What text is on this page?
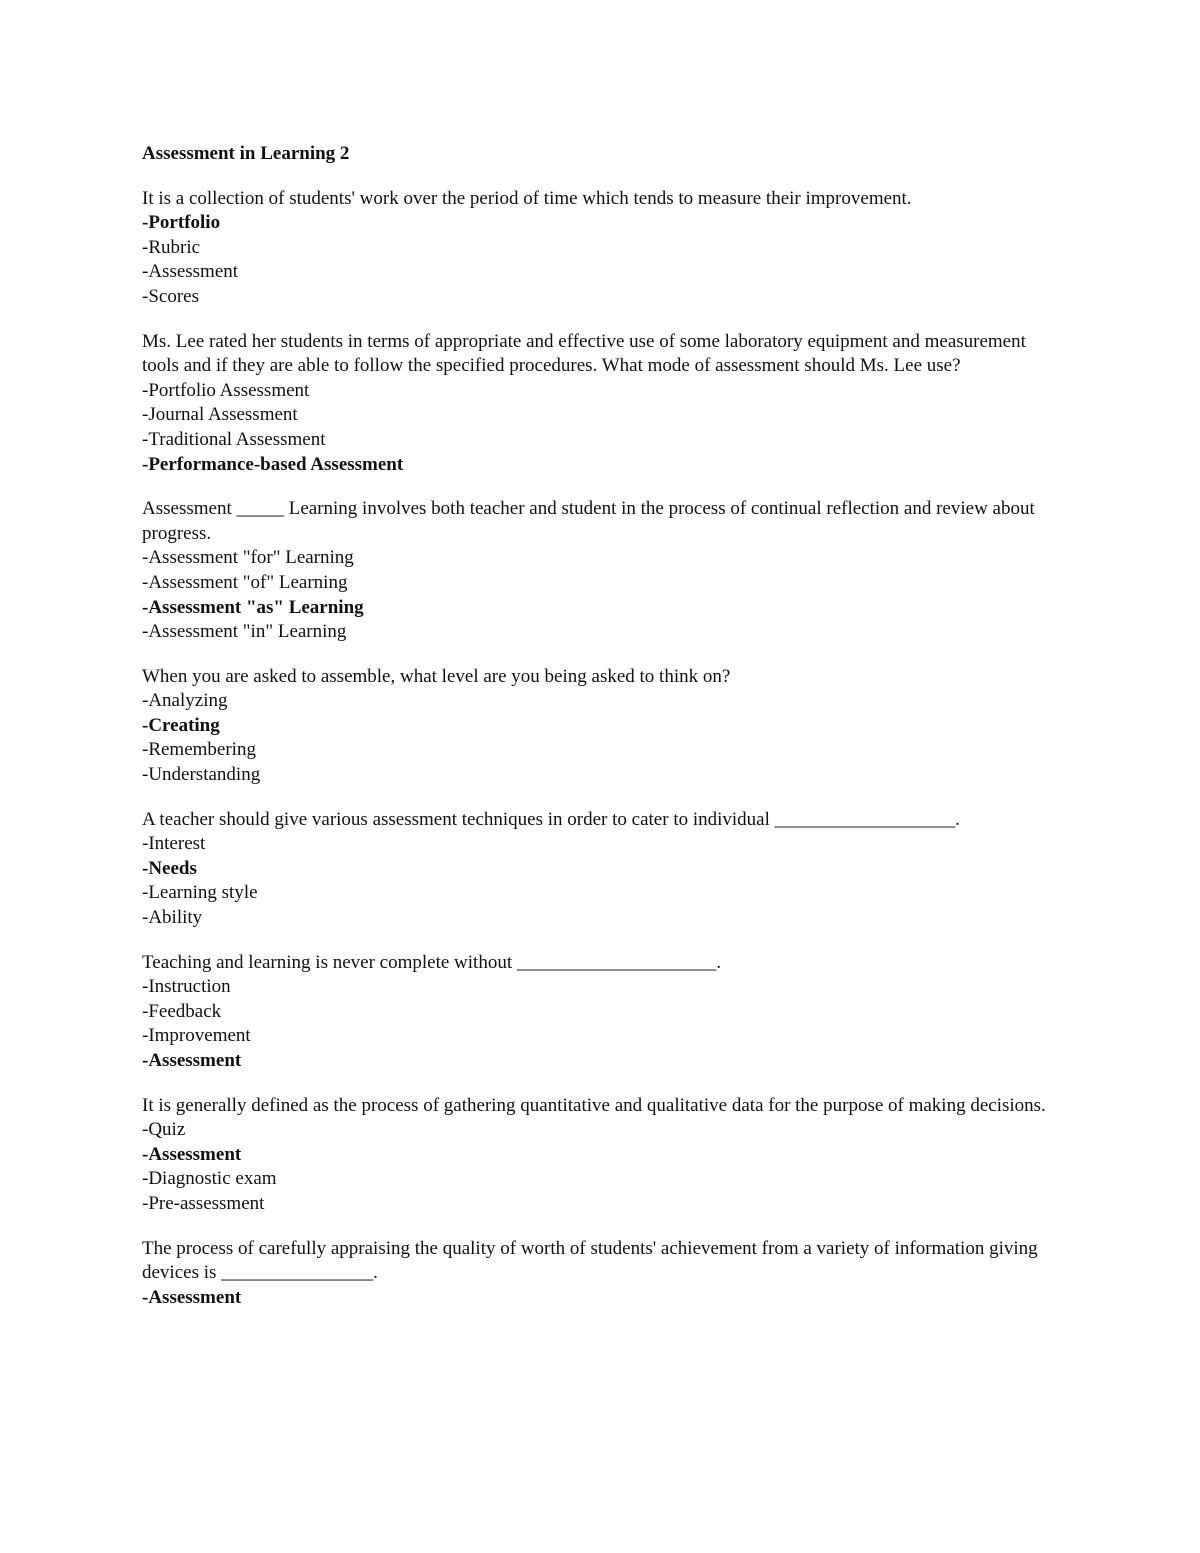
Assessment in Learning 2

It is a collection of students' work over the period of time which tends to measure their improvement.

-Portfolio
-Rubric
-Assessment
-Scores

Ms. Lee rated her students in terms of appropriate and effective use of some laboratory equipment and measurement tools and if they are able to follow the specified procedures. What mode of assessment should Ms. Lee use?

-Portfolio Assessment
-Journal Assessment
-Traditional Assessment
-Performance-based Assessment

Assessment _____ Learning involves both teacher and student in the process of continual reflection and review about progress.

-Assessment "for" Learning
-Assessment "of" Learning
-Assessment "as" Learning
-Assessment "in" Learning

When you are asked to assemble, what level are you being asked to think on?

-Analyzing
-Creating
-Remembering
-Understanding

A teacher should give various assessment techniques in order to cater to individual ___________________.

-Interest
-Needs
-Learning style
-Ability

Teaching and learning is never complete without _____________________.

-Instruction
-Feedback
-Improvement
-Assessment

It is generally defined as the process of gathering quantitative and qualitative data for the purpose of making decisions.

-Quiz
-Assessment
-Diagnostic exam
-Pre-assessment

The process of carefully appraising the quality of worth of students' achievement from a variety of information giving devices is ________________.

-Assessment
